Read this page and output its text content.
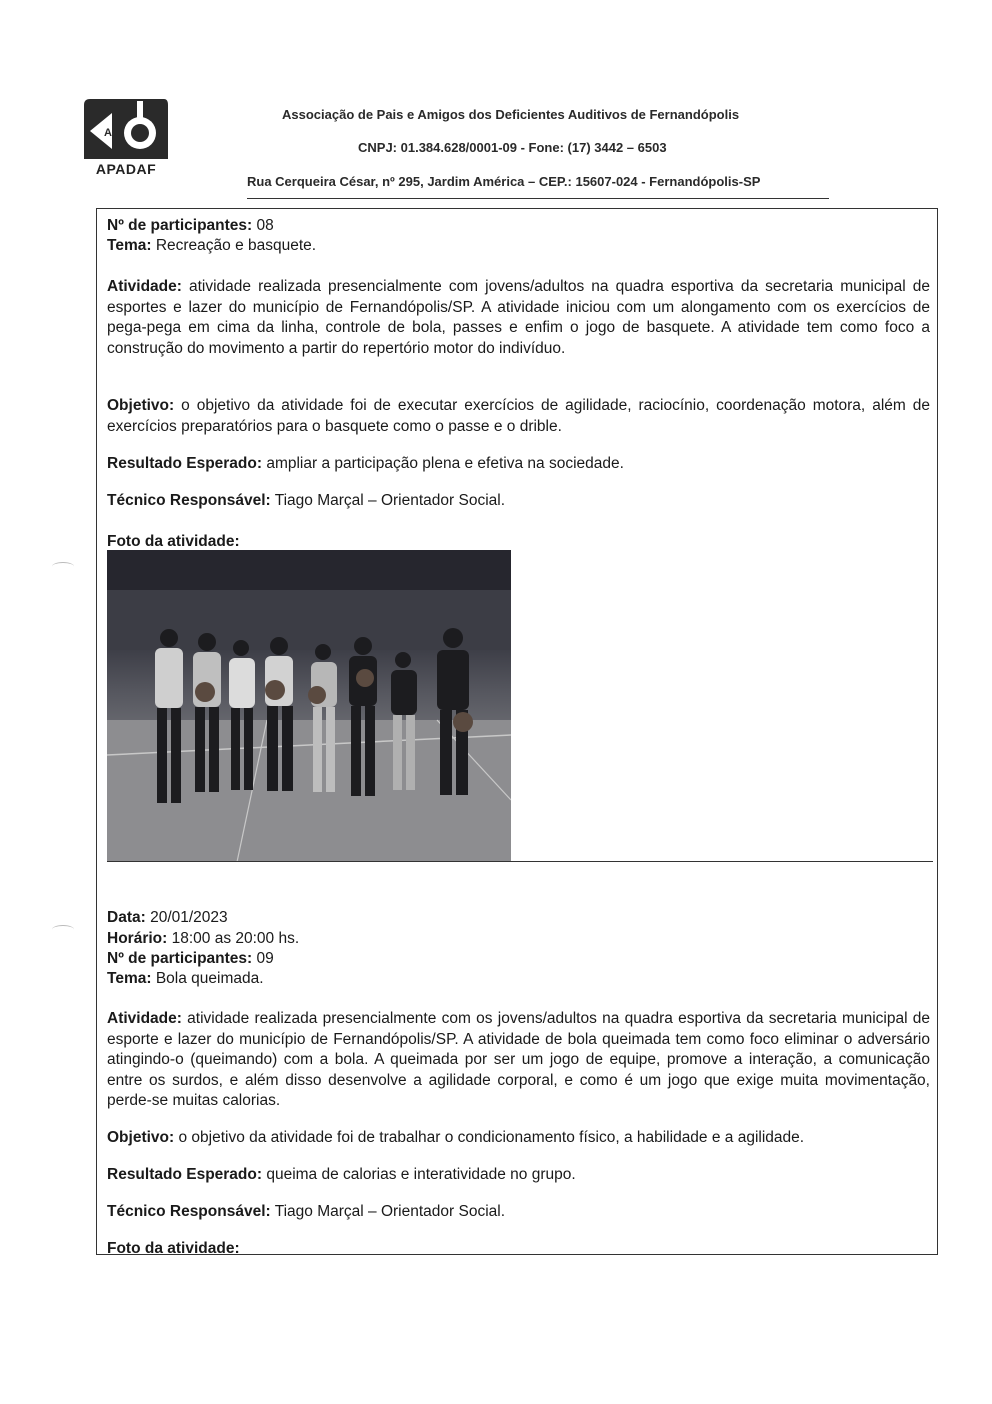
A
APADAF
Associação de Pais e Amigos dos Deficientes Auditivos de Fernandópolis
CNPJ: 01.384.628/0001-09 - Fone: (17) 3442 – 6503
Rua Cerqueira César, nº 295, Jardim América – CEP.: 15607-024 - Fernandópolis-SP
Nº de participantes: 08
Tema: Recreação e basquete.
Atividade: atividade realizada presencialmente com jovens/adultos na quadra esportiva da secretaria municipal de esportes e lazer do município de Fernandópolis/SP. A atividade iniciou com um alongamento com os exercícios de pega-pega em cima da linha, controle de bola, passes e enfim o jogo de basquete. A atividade tem como foco a construção do movimento a partir do repertório motor do indivíduo.
Objetivo: o objetivo da atividade foi de executar exercícios de agilidade, raciocínio, coordenação motora, além de exercícios preparatórios para o basquete como o passe e o drible.
Resultado Esperado: ampliar a participação plena e efetiva na sociedade.
Técnico Responsável: Tiago Marçal – Orientador Social.
Foto da atividade:
Data: 20/01/2023
Horário: 18:00 as 20:00 hs.
Nº de participantes: 09
Tema: Bola queimada.
Atividade: atividade realizada presencialmente com os jovens/adultos na quadra esportiva da secretaria municipal de esporte e lazer do município de Fernandópolis/SP. A atividade de bola queimada tem como foco eliminar o adversário atingindo-o (queimando) com a bola. A queimada por ser um jogo de equipe, promove a interação, a comunicação entre os surdos, e além disso desenvolve a agilidade corporal, e como é um jogo que exige muita movimentação, perde-se muitas calorias.
Objetivo: o objetivo da atividade foi de trabalhar o condicionamento físico, a habilidade e a agilidade.
Resultado Esperado: queima de calorias e interatividade no grupo.
Técnico Responsável: Tiago Marçal – Orientador Social.
Foto da atividade:
